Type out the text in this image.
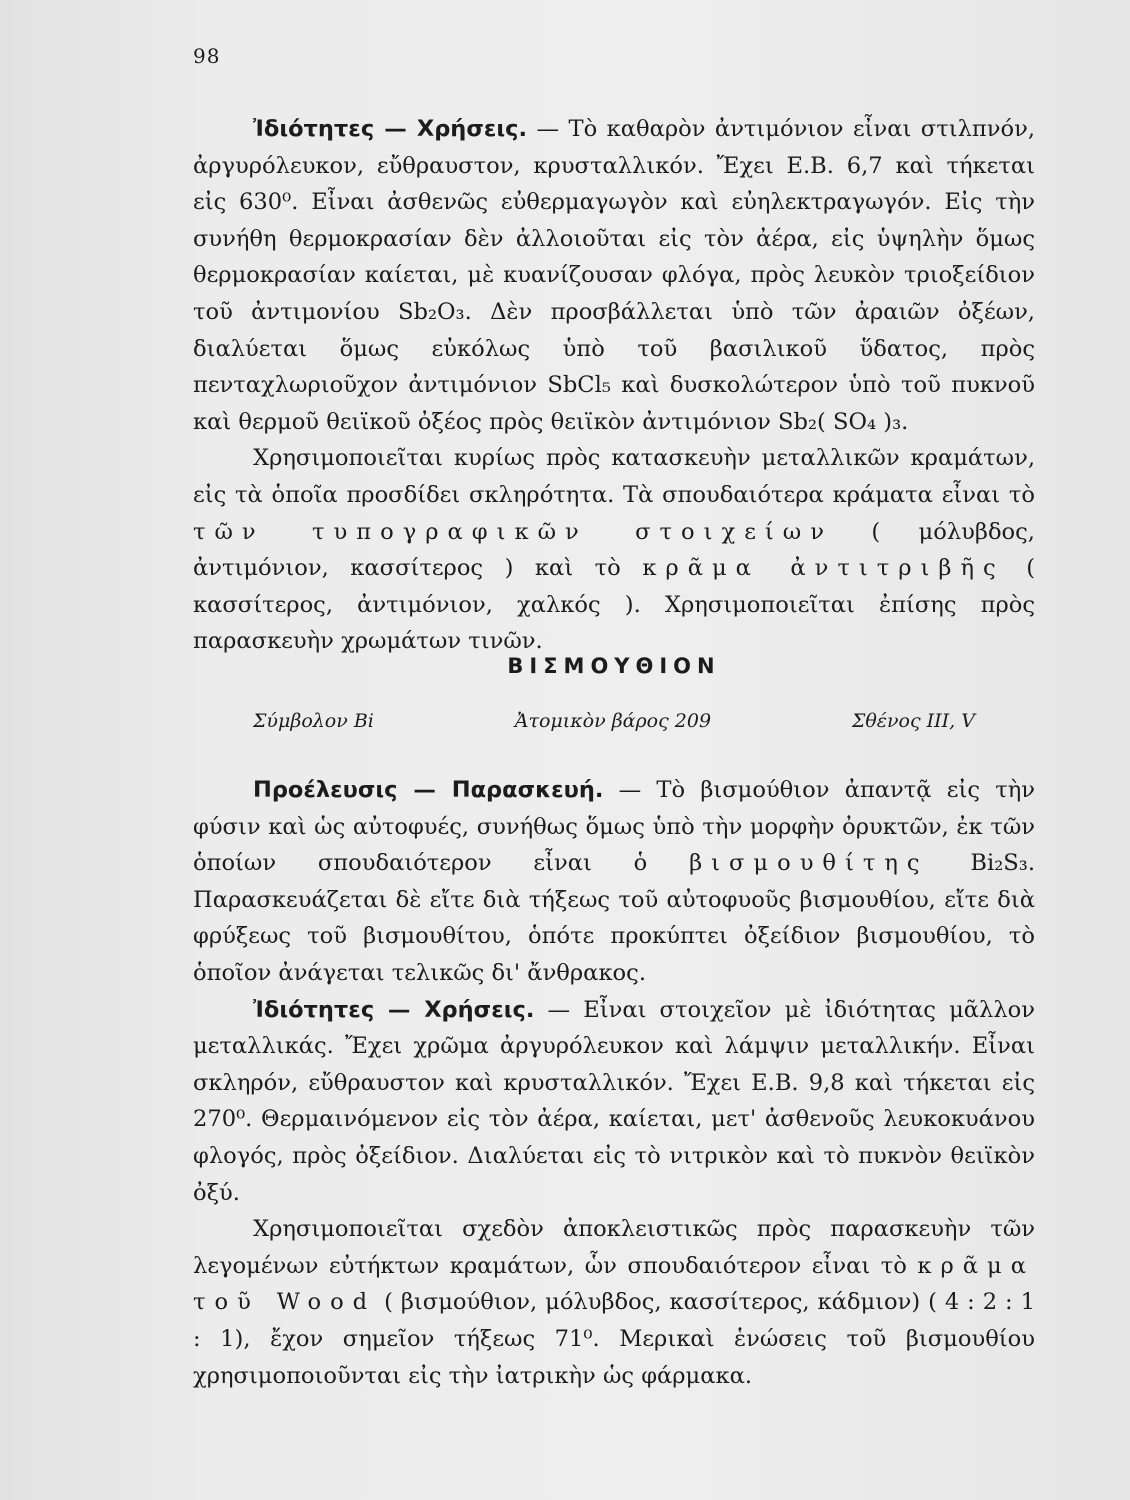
98

Ἰδιότητες — Χρήσεις. — Τὸ καθαρὸν ἀντιμόνιον εἶναι στιλπνόν, ἀργυρόλευκον, εὔθραυστον, κρυσταλλικόν. Ἔχει Ε.Β. 6,7 καὶ τήκεται εἰς 630⁰. Εἶναι ἀσθενῶς εὐθερμαγωγὸν καὶ εὐηλεκτραγωγόν. Εἰς τὴν συνήθη θερμοκρασίαν δὲν ἀλλοιοῦται εἰς τὸν ἀέρα, εἰς ὑψηλὴν ὅμως θερμοκρασίαν καίεται, μὲ κυανίζουσαν φλόγα, πρὸς λευκὸν τριοξείδιον τοῦ ἀντιμονίου Sb₂O₃. Δὲν προσβάλλεται ὑπὸ τῶν ἀραιῶν ὀξέων, διαλύεται ὅμως εὐκόλως ὑπὸ τοῦ βασιλικοῦ ὕδατος, πρὸς πενταχλωριοῦχον ἀντιμόνιον SbCl₅ καὶ δυσκολώτερον ὑπὸ τοῦ πυκνοῦ καὶ θερμοῦ θειϊκοῦ ὀξέος πρὸς θειϊκὸν ἀντιμόνιον Sb₂( SO₄ )₃.

Χρησιμοποιεῖται κυρίως πρὸς κατασκευὴν μεταλλικῶν κραμάτων, εἰς τὰ ὁποῖα προσδίδει σκληρότητα. Τὰ σπουδαιότερα κράματα εἶναι τὸ τῶν τυπογραφικῶν στοιχείων ( μόλυβδος, ἀντιμόνιον, κασσίτερος ) καὶ τὸ κρᾶμα ἀντιτριβῆς ( κασσίτερος, ἀντιμόνιον, χαλκός ). Χρησιμοποιεῖται ἐπίσης πρὸς παρασκευὴν χρωμάτων τινῶν.

ΒΙΣΜΟΥΘΙΟΝ
Σύμβολον Bi	Ἀτομικὸν βάρος 209	Σθένος III, V

Προέλευσις — Παρασκευή. — Τὸ βισμούθιον ἀπαντᾷ εἰς τὴν φύσιν καὶ ὡς αὐτοφυές, συνήθως ὅμως ὑπὸ τὴν μορφὴν ὀρυκτῶν, ἐκ τῶν ὁποίων σπουδαιότερον εἶναι ὁ βισμουθίτης Bi₂S₃. Παρασκευάζεται δὲ εἴτε διὰ τήξεως τοῦ αὐτοφυοῦς βισμουθίου, εἴτε διὰ φρύξεως τοῦ βισμουθίτου, ὁπότε προκύπτει ὀξείδιον βισμουθίου, τὸ ὁποῖον ἀνάγεται τελικῶς δι' ἄνθρακος.

Ἰδιότητες — Χρήσεις. — Εἶναι στοιχεῖον μὲ ἰδιότητας μᾶλλον μεταλλικάς. Ἔχει χρῶμα ἀργυρόλευκον καὶ λάμψιν μεταλλικήν. Εἶναι σκληρόν, εὔθραυστον καὶ κρυσταλλικόν. Ἔχει Ε.Β. 9,8 καὶ τήκεται εἰς 270⁰. Θερμαινόμενον εἰς τὸν ἀέρα, καίεται, μετ' ἀσθενοῦς λευκοκυάνου φλογός, πρὸς ὀξείδιον. Διαλύεται εἰς τὸ νιτρικὸν καὶ τὸ πυκνὸν θειϊκὸν ὀξύ.

Χρησιμοποιεῖται σχεδὸν ἀποκλειστικῶς πρὸς παρασκευὴν τῶν λεγομένων εὐτήκτων κραμάτων, ὧν σπουδαιότερον εἶναι τὸ κρᾶμα τοῦ Wood ( βισμούθιον, μόλυβδος, κασσίτερος, κάδμιον) ( 4 : 2 : 1 : 1), ἔχον σημεῖον τήξεως 71⁰. Μερικαὶ ἑνώσεις τοῦ βισμουθίου χρησιμοποιοῦνται εἰς τὴν ἰατρικὴν ὡς φάρμακα.
